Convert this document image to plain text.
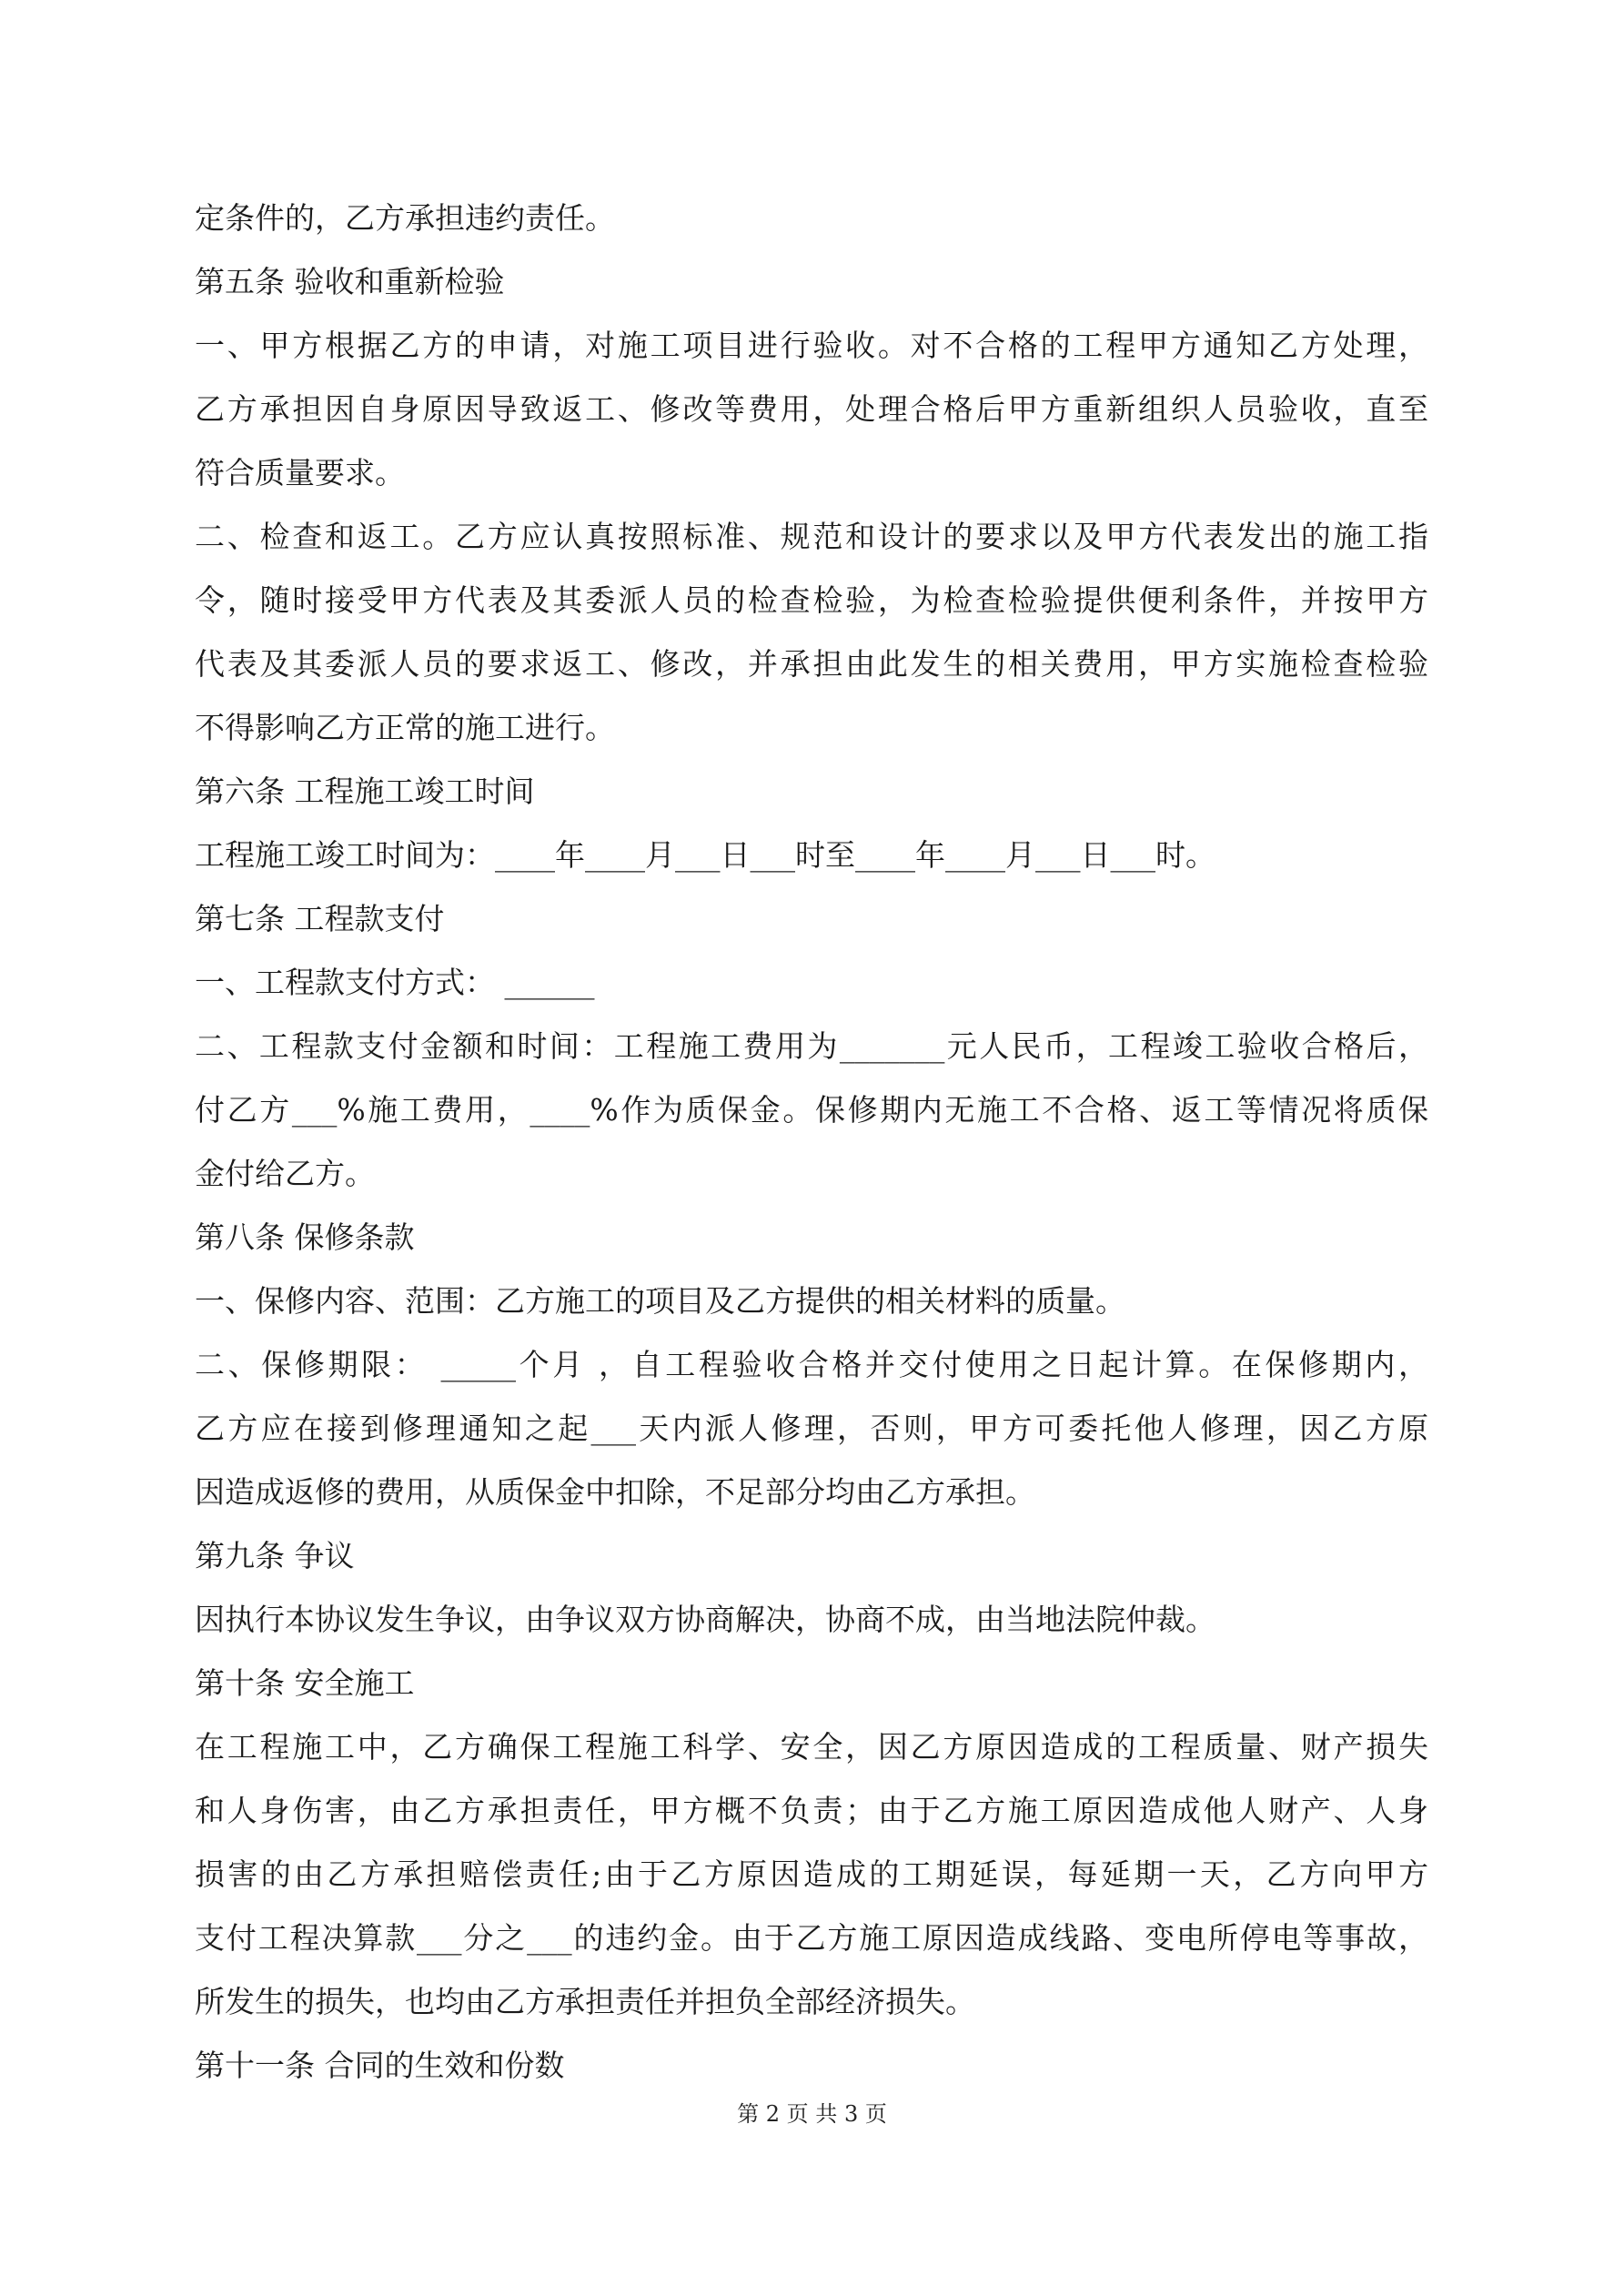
定条件的，乙方承担违约责任。
第五条 验收和重新检验
一、甲方根据乙方的申请，对施工项目进行验收。对不合格的工程甲方通知乙方处理，
乙方承担因自身原因导致返工、修改等费用，处理合格后甲方重新组织人员验收，直至
符合质量要求。
二、检查和返工。乙方应认真按照标准、规范和设计的要求以及甲方代表发出的施工指
令，随时接受甲方代表及其委派人员的检查检验，为检查检验提供便利条件，并按甲方
代表及其委派人员的要求返工、修改，并承担由此发生的相关费用，甲方实施检查检验
不得影响乙方正常的施工进行。
第六条 工程施工竣工时间
工程施工竣工时间为：____年____月___日___时至____年____月___日___时。
第七条 工程款支付
一、工程款支付方式： ______
二、工程款支付金额和时间：工程施工费用为_______元人民币，工程竣工验收合格后，
付乙方___%施工费用，____%作为质保金。保修期内无施工不合格、返工等情况将质保
金付给乙方。
第八条 保修条款
一、保修内容、范围：乙方施工的项目及乙方提供的相关材料的质量。
二、保修期限： _____个月 ，自工程验收合格并交付使用之日起计算。在保修期内，
乙方应在接到修理通知之起___天内派人修理，否则，甲方可委托他人修理，因乙方原
因造成返修的费用，从质保金中扣除，不足部分均由乙方承担。
第九条 争议
因执行本协议发生争议，由争议双方协商解决，协商不成，由当地法院仲裁。
第十条 安全施工
在工程施工中，乙方确保工程施工科学、安全，因乙方原因造成的工程质量、财产损失
和人身伤害，由乙方承担责任，甲方概不负责；由于乙方施工原因造成他人财产、人身
损害的由乙方承担赔偿责任;由于乙方原因造成的工期延误，每延期一天，乙方向甲方
支付工程决算款___分之___的违约金。由于乙方施工原因造成线路、变电所停电等事故，
所发生的损失，也均由乙方承担责任并担负全部经济损失。
第十一条 合同的生效和份数
第 2 页 共 3 页
